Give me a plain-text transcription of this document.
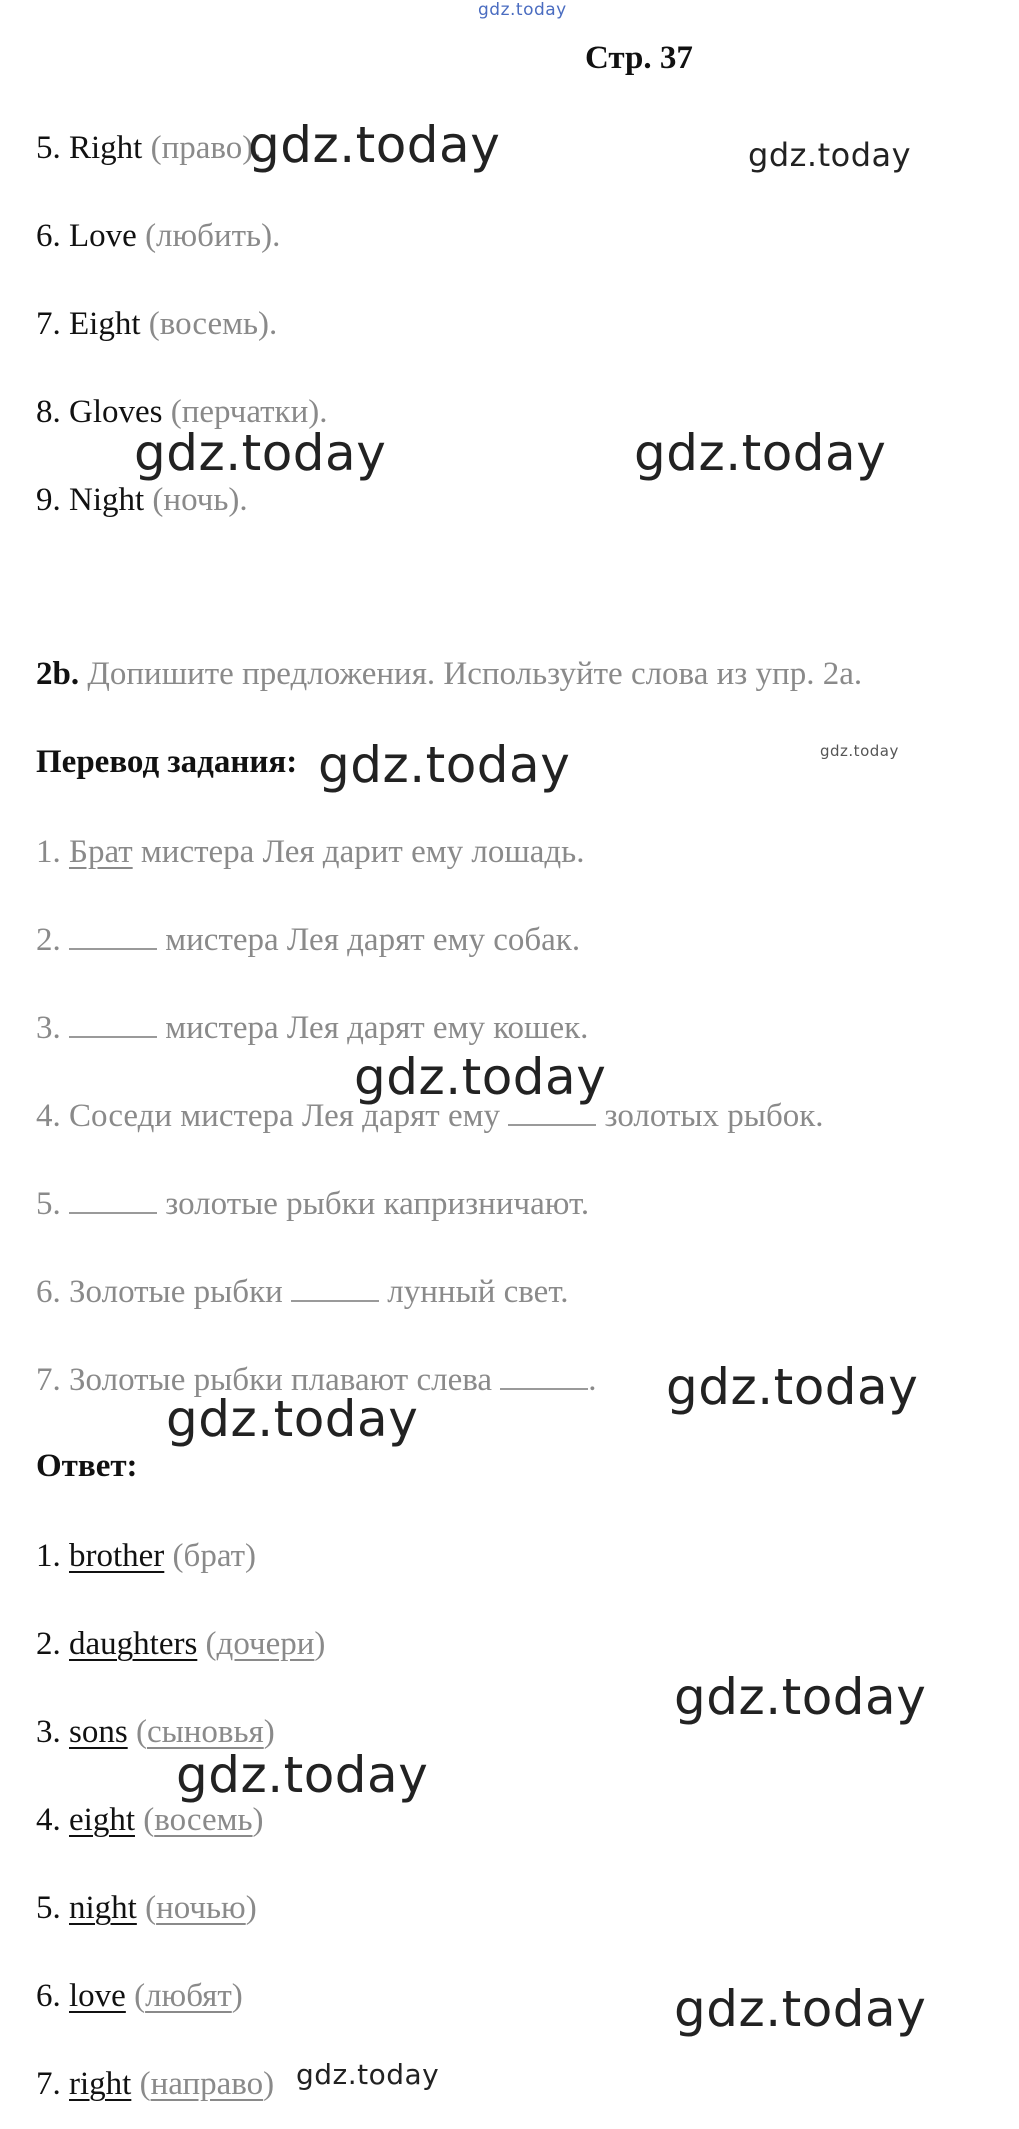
gdz.today
Стр. 37
5. Right (право).
6. Love (любить).
7. Eight (восемь).
8. Gloves (перчатки).
9. Night (ночь).
2b. Допишите предложения. Используйте слова из упр. 2а.
Перевод задания:
1. Брат мистера Лея дарит ему лошадь.
2.	мистера Лея дарят ему собак.
3.	мистера Лея дарят ему кошек.
4. Соседи мистера Лея дарят ему	золотых рыбок.
5.	золотые рыбки капризничают.
6. Золотые рыбки	лунный свет.
7. Золотые рыбки плавают слева	.
Ответ:
1. brother (брат)
2. daughters (дочери)
3. sons (сыновья)
4. eight (восемь)
5. night (ночью)
6. love (любят)
7. right (направо)
gdz.today	gdz.today
gdz.today	gdz.today
gdz.today	gdz.today
gdz.today
gdz.today
gdz.today
gdz.today
gdz.today
gdz.today
gdz.today
